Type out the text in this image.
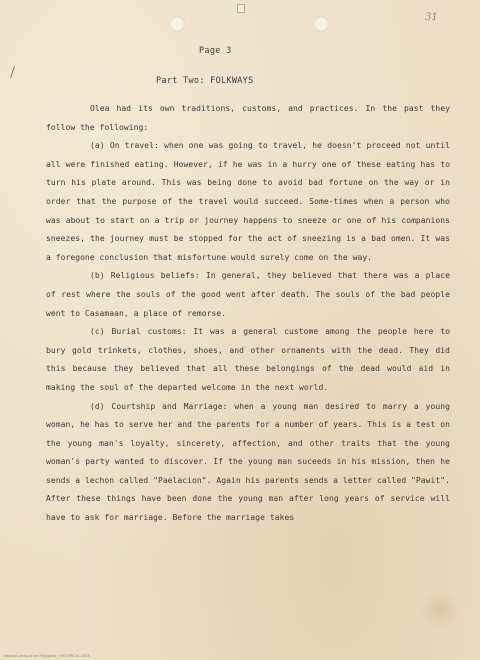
31
Page 3
Part Two: FOLKWAYS

Olea had its own traditions, customs, and practices. In the past they follow the following:

(a) On travel: when one was going to travel, he doesn't proceed not until all were finished eating. However, if he was in a hurry one of these eating has to turn his plate around. This was being done to avoid bad fortune on the way or in order that the purpose of the travel would succeed. Some-times when a person who was about to start on a trip or journey happens to sneeze or one of his companions sneezes, the journey must be stopped for the act of sneezing is a bad omen. It was a foregone conclusion that misfortune would surely come on the way.

(b) Religious beliefs: In general, they believed that there was a place of rest where the souls of the good went after death. The souls of the bad people went to Casamaan, a place of remorse.

(c) Burial customs: It was a general custome among the people here to bury gold trinkets, clothes, shoes, and other ornaments with the dead. They did this because they believed that all these belongings of the dead would aid in making the soul of the departed welcome in the next world.

(d) Courtship and Marriage: when a young man desired to marry a young woman, he has to serve her and the parents for a number of years. This is a test on the young man's loyalty, sincerety, affection, and other traits that the young woman's party wanted to discover. If the young man suceeds in his mission, then he sends a lechon called "Paelacion". Again his parents sends a letter called "Pawit". After these things have been done the young man after long years of service will have to ask for marriage. Before the marriage takes

National Library of the Philippines · HISTORICAL DATA
